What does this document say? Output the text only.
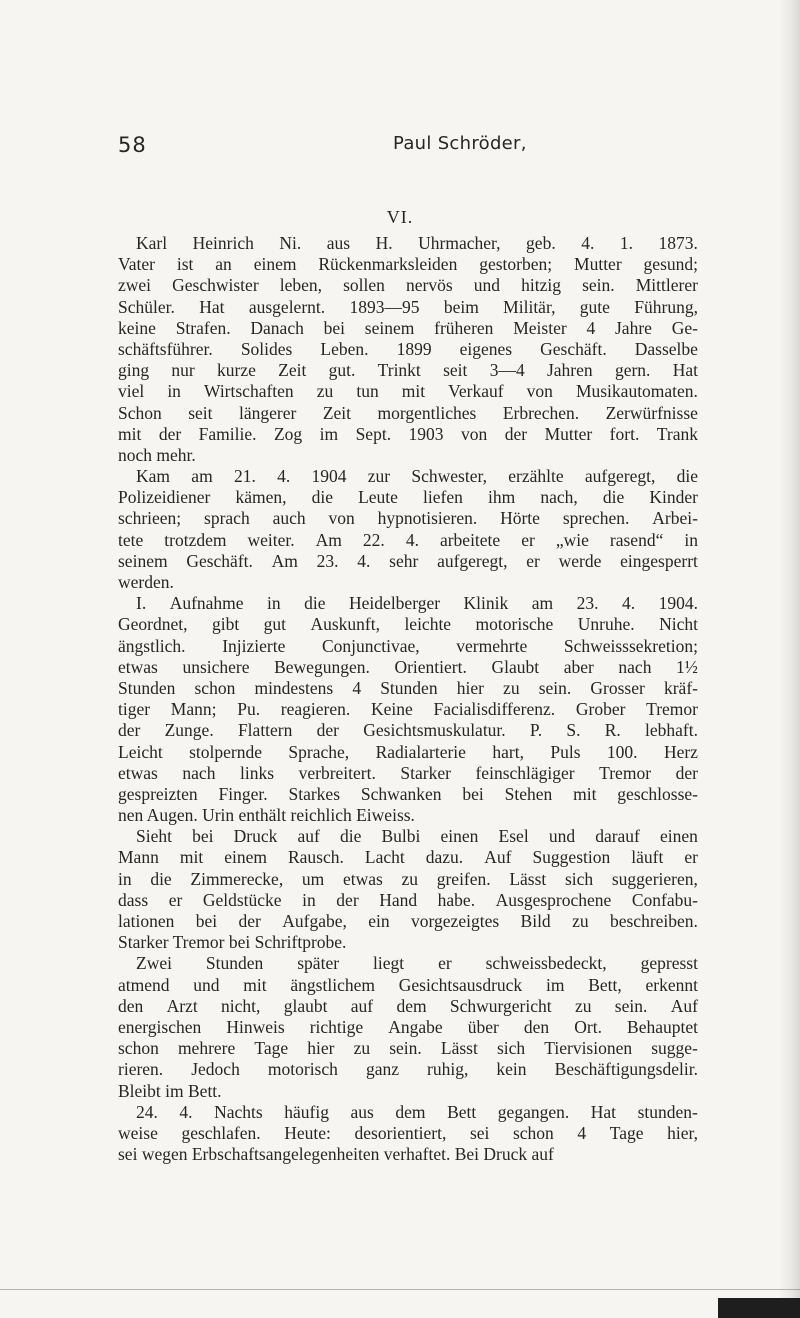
58	Paul Schröder,
VI.
Karl Heinrich Ni. aus H. Uhrmacher, geb. 4. 1. 1873.
Vater ist an einem Rückenmarksleiden gestorben; Mutter gesund;
zwei Geschwister leben, sollen nervös und hitzig sein. Mittlerer
Schüler. Hat ausgelernt. 1893—95 beim Militär, gute Führung,
keine Strafen. Danach bei seinem früheren Meister 4 Jahre Ge-
schäftsführer. Solides Leben. 1899 eigenes Geschäft. Dasselbe
ging nur kurze Zeit gut. Trinkt seit 3—4 Jahren gern. Hat
viel in Wirtschaften zu tun mit Verkauf von Musikautomaten.
Schon seit längerer Zeit morgentliches Erbrechen. Zerwürfnisse
mit der Familie. Zog im Sept. 1903 von der Mutter fort. Trank
noch mehr.
Kam am 21. 4. 1904 zur Schwester, erzählte aufgeregt, die
Polizeidiener kämen, die Leute liefen ihm nach, die Kinder
schrieen; sprach auch von hypnotisieren. Hörte sprechen. Arbei-
tete trotzdem weiter. Am 22. 4. arbeitete er „wie rasend“ in
seinem Geschäft. Am 23. 4. sehr aufgeregt, er werde eingesperrt
werden.
I. Aufnahme in die Heidelberger Klinik am 23. 4. 1904.
Geordnet, gibt gut Auskunft, leichte motorische Unruhe. Nicht
ängstlich. Injizierte Conjunctivae, vermehrte Schweisssekretion;
etwas unsichere Bewegungen. Orientiert. Glaubt aber nach 1½
Stunden schon mindestens 4 Stunden hier zu sein. Grosser kräf-
tiger Mann; Pu. reagieren. Keine Facialisdifferenz. Grober Tremor
der Zunge. Flattern der Gesichtsmuskulatur. P. S. R. lebhaft.
Leicht stolpernde Sprache, Radialarterie hart, Puls 100. Herz
etwas nach links verbreitert. Starker feinschlägiger Tremor der
gespreizten Finger. Starkes Schwanken bei Stehen mit geschlosse-
nen Augen. Urin enthält reichlich Eiweiss.
Sieht bei Druck auf die Bulbi einen Esel und darauf einen
Mann mit einem Rausch. Lacht dazu. Auf Suggestion läuft er
in die Zimmerecke, um etwas zu greifen. Lässt sich suggerieren,
dass er Geldstücke in der Hand habe. Ausgesprochene Confabu-
lationen bei der Aufgabe, ein vorgezeigtes Bild zu beschreiben.
Starker Tremor bei Schriftprobe.
Zwei Stunden später liegt er schweissbedeckt, gepresst
atmend und mit ängstlichem Gesichtsausdruck im Bett, erkennt
den Arzt nicht, glaubt auf dem Schwurgericht zu sein. Auf
energischen Hinweis richtige Angabe über den Ort. Behauptet
schon mehrere Tage hier zu sein. Lässt sich Tiervisionen sugge-
rieren. Jedoch motorisch ganz ruhig, kein Beschäftigungsdelir.
Bleibt im Bett.
24. 4. Nachts häufig aus dem Bett gegangen. Hat stunden-
weise geschlafen. Heute: desorientiert, sei schon 4 Tage hier,
sei wegen Erbschaftsangelegenheiten verhaftet. Bei Druck auf
